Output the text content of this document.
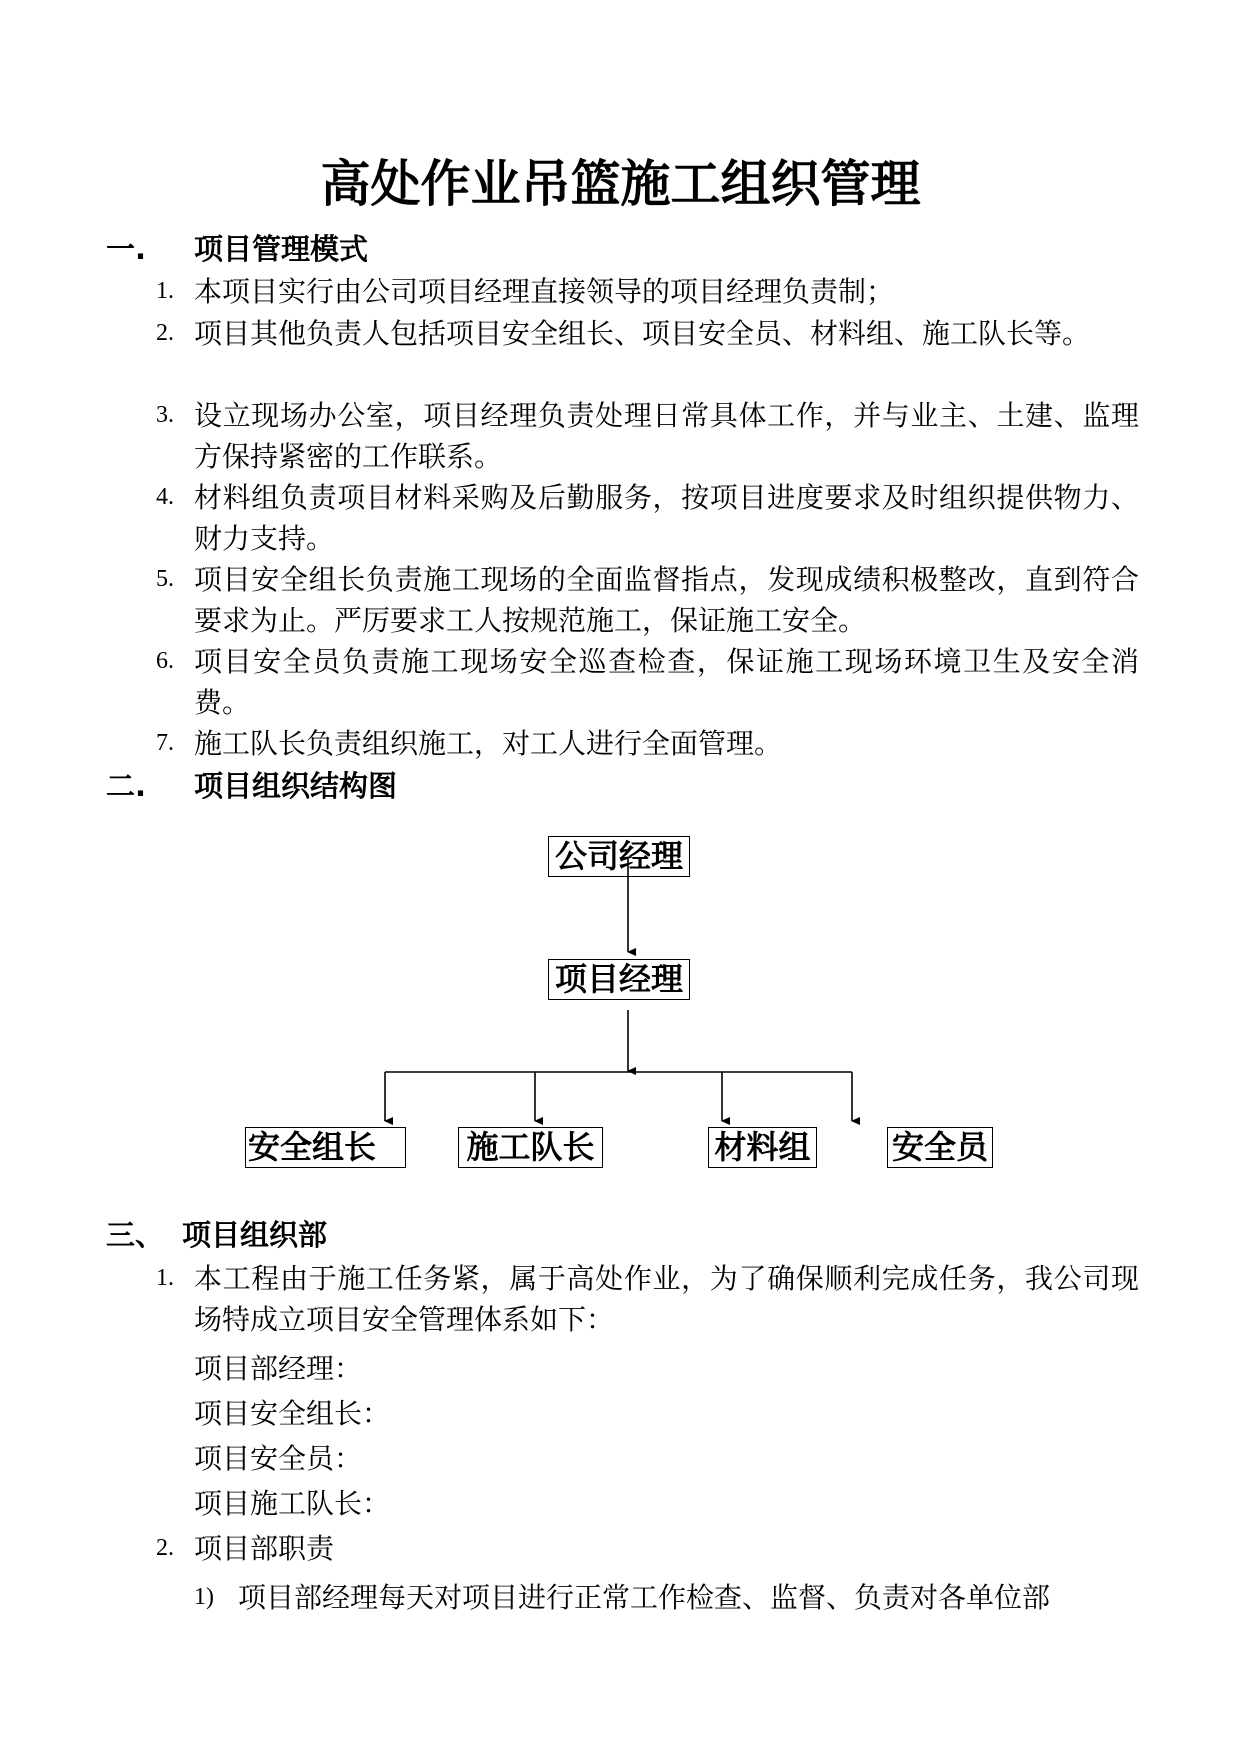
高处作业吊篮施工组织管理
一. 项目管理模式
1. 本项目实行由公司项目经理直接领导的项目经理负责制；
2. 项目其他负责人包括项目安全组长、项目安全员、材料组、施工队长等。
3. 设立现场办公室，项目经理负责处理日常具体工作，并与业主、土建、监理方保持紧密的工作联系。
4. 材料组负责项目材料采购及后勤服务，按项目进度要求及时组织提供物力、财力支持。
5. 项目安全组长负责施工现场的全面监督指点，发现成绩积极整改，直到符合要求为止。严厉要求工人按规范施工，保证施工安全。
6. 项目安全员负责施工现场安全巡查检查，保证施工现场环境卫生及安全消费。
7. 施工队长负责组织施工，对工人进行全面管理。
二. 项目组织结构图
公司经理
项目经理
安全组长	施工队长	材料组	安全员
三、 项目组织部
1. 本工程由于施工任务紧，属于高处作业，为了确保顺利完成任务，我公司现场特成立项目安全管理体系如下：
项目部经理：
项目安全组长：
项目安全员：
项目施工队长：
2. 项目部职责
1) 项目部经理每天对项目进行正常工作检查、监督、负责对各单位部
